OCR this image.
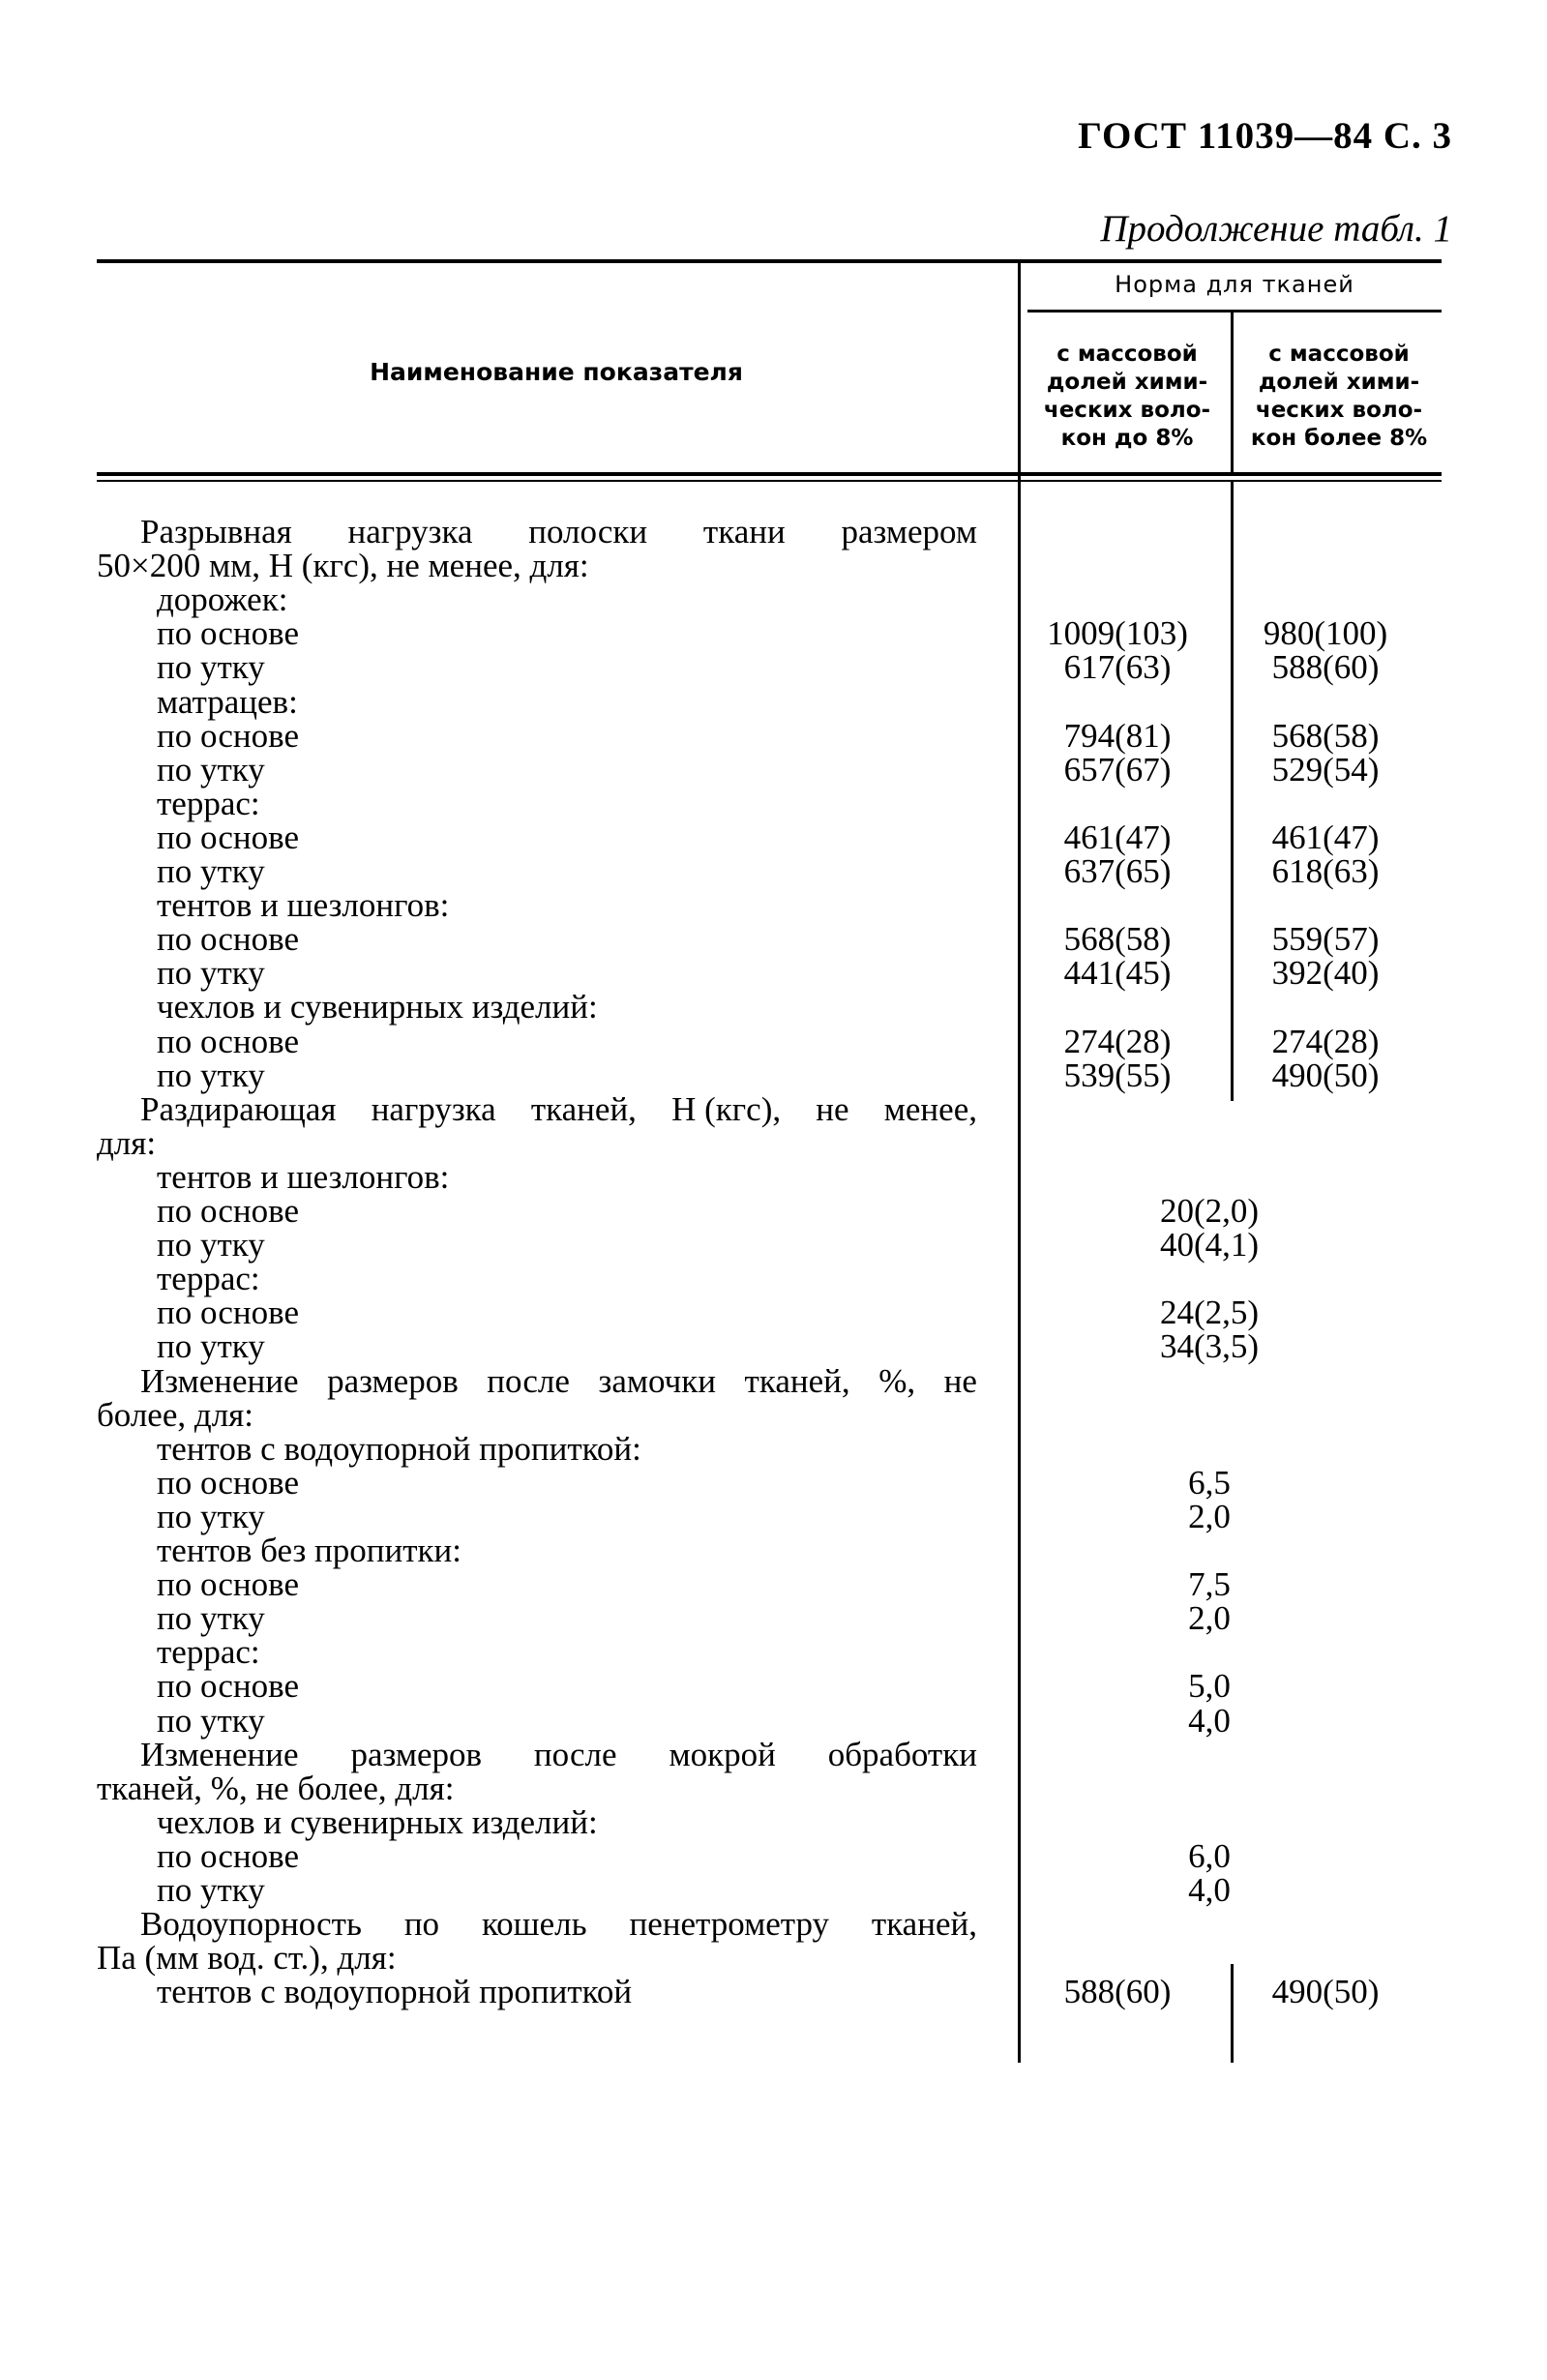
ГОСТ 11039—84 С. 3
Продолжение табл. 1
Наименование показателя
Норма для тканей
с массовой
долей хими-
ческих воло-
кон до 8%
с массовой
долей хими-
ческих воло-
кон более 8%
Разрывная нагрузка полоски ткани размером
50×200 мм, Н (кгс), не менее, для:
дорожек:
по основе	1009(103)	980(100)
по утку	617(63)	588(60)
матрацев:
по основе	794(81)	568(58)
по утку	657(67)	529(54)
террас:
по основе	461(47)	461(47)
по утку	637(65)	618(63)
тентов и шезлонгов:
по основе	568(58)	559(57)
по утку	441(45)	392(40)
чехлов и сувенирных изделий:
по основе	274(28)	274(28)
по утку	539(55)	490(50)
Раздирающая нагрузка тканей, Н (кгс), не менее,
для:
тентов и шезлонгов:
по основе	20(2,0)
по утку	40(4,1)
террас:
по основе	24(2,5)
по утку	34(3,5)
Изменение размеров после замочки тканей, %, не
более, для:
тентов с водоупорной пропиткой:
по основе	6,5
по утку	2,0
тентов без пропитки:
по основе	7,5
по утку	2,0
террас:
по основе	5,0
по утку	4,0
Изменение размеров после мокрой обработки
тканей, %, не более, для:
чехлов и сувенирных изделий:
по основе	6,0
по утку	4,0
Водоупорность по кошель пенетрометру тканей,
Па (мм вод. ст.), для:
тентов с водоупорной пропиткой	588(60)	490(50)
